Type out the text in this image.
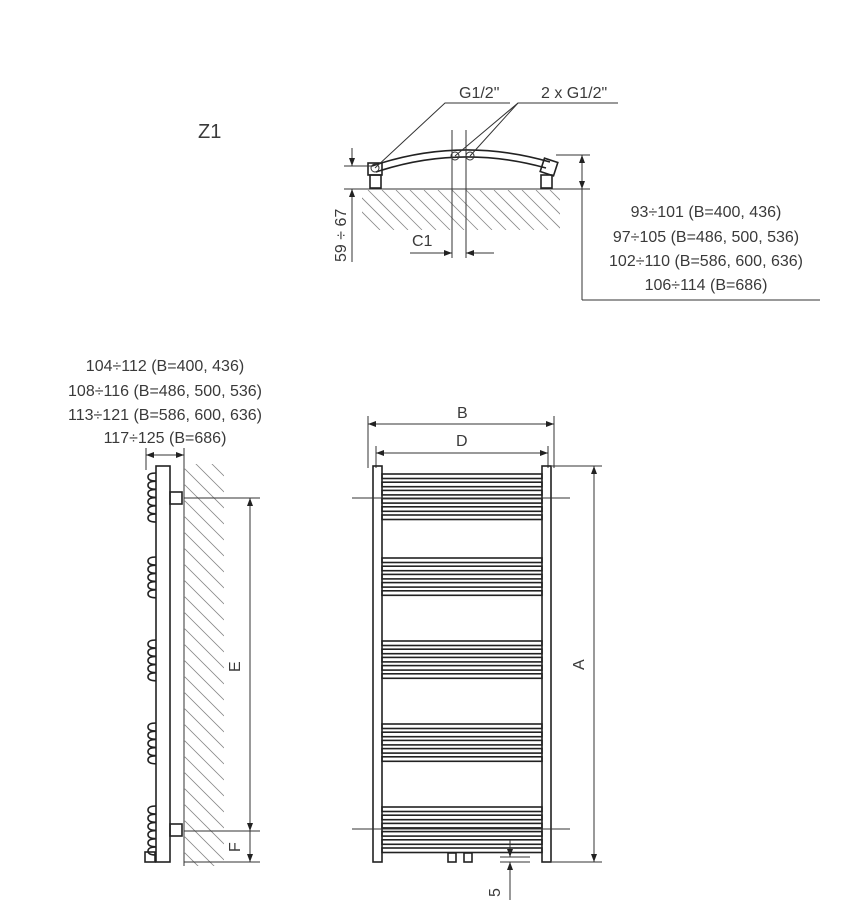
Z1
G1/2"	2 x G1/2"
59 ÷ 67	C1
93÷101 (B=400, 436)
97÷105 (B=486, 500, 536)
102÷110 (B=586, 600, 636)
106÷114 (B=686)
104÷112 (B=400, 436)
108÷116 (B=486, 500, 536)
113÷121 (B=586, 600, 636)
117÷125 (B=686)
E
F
B
D
A
5
